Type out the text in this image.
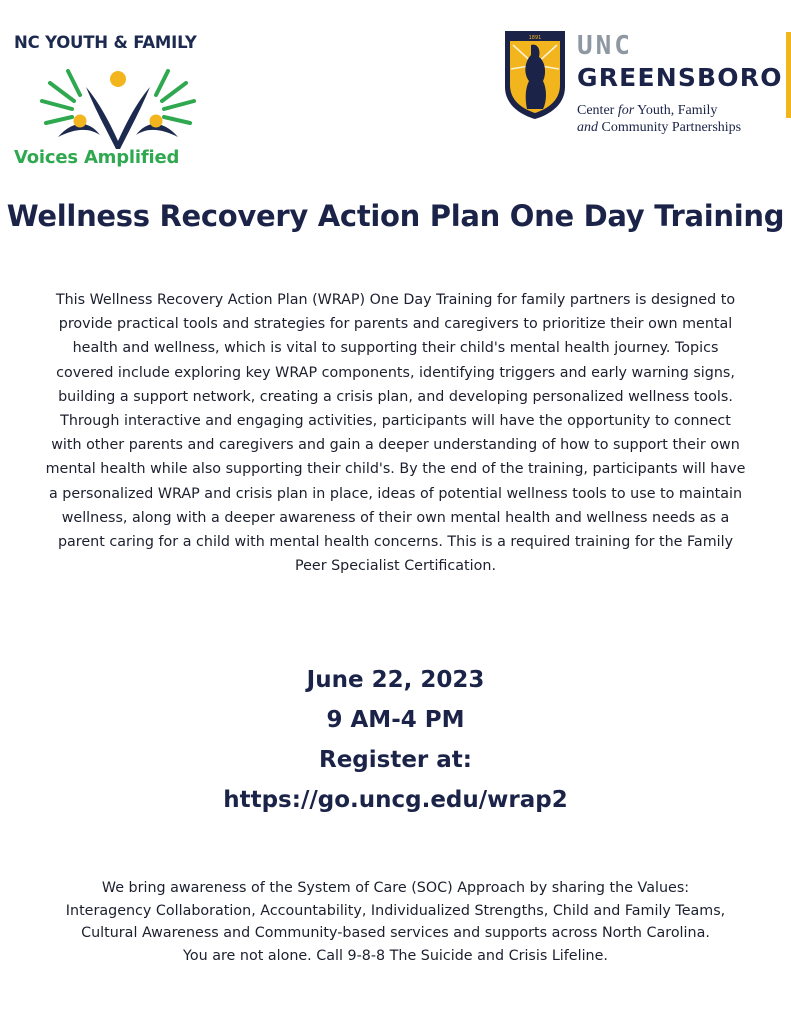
NC YOUTH & FAMILY
Voices Amplified
1891 UNC
GREENSBORO
Center for Youth, Family
and Community Partnerships
Wellness Recovery Action Plan One Day Training

This Wellness Recovery Action Plan (WRAP) One Day Training for family partners is designed to provide practical tools and strategies for parents and caregivers to prioritize their own mental health and wellness, which is vital to supporting their child's mental health journey. Topics covered include exploring key WRAP components, identifying triggers and early warning signs, building a support network, creating a crisis plan, and developing personalized wellness tools. Through interactive and engaging activities, participants will have the opportunity to connect with other parents and caregivers and gain a deeper understanding of how to support their own mental health while also supporting their child's. By the end of the training, participants will have a personalized WRAP and crisis plan in place, ideas of potential wellness tools to use to maintain wellness, along with a deeper awareness of their own mental health and wellness needs as a parent caring for a child with mental health concerns. This is a required training for the Family Peer Specialist Certification.

June 22, 2023
9 AM-4 PM
Register at:
https://go.uncg.edu/wrap2
We bring awareness of the System of Care (SOC) Approach by sharing the Values:
Interagency Collaboration, Accountability, Individualized Strengths, Child and Family Teams,
Cultural Awareness and Community-based services and supports across North Carolina.
You are not alone. Call 9-8-8 The Suicide and Crisis Lifeline.
